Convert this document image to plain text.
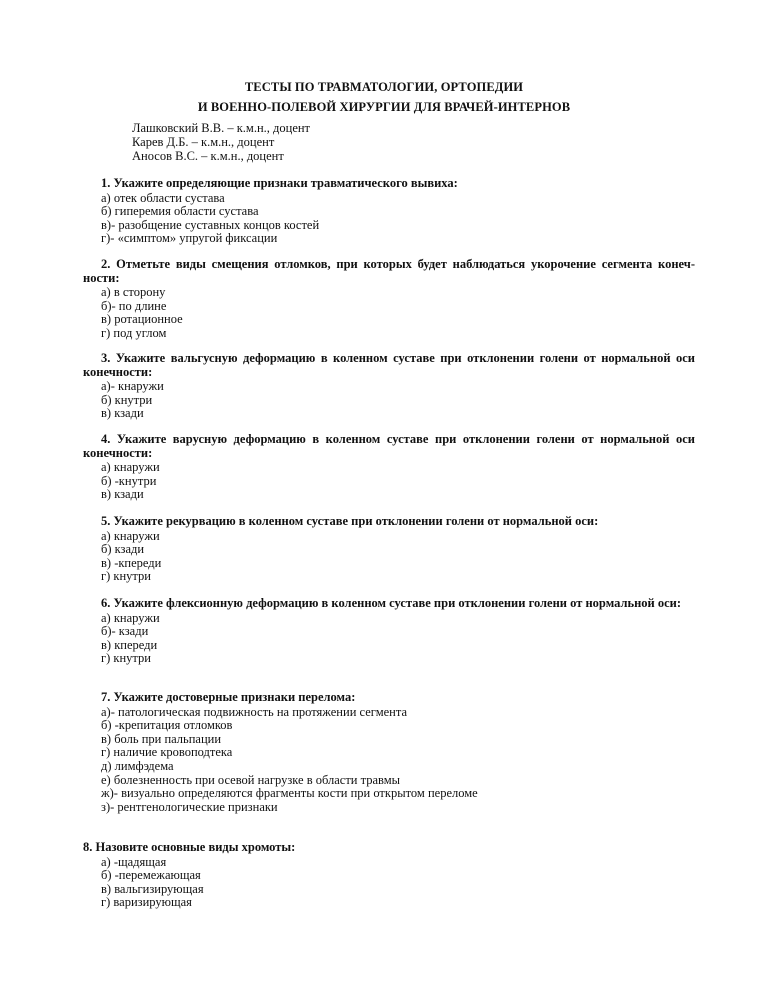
ТЕСТЫ ПО ТРАВМАТОЛОГИИ, ОРТОПЕДИИ
И ВОЕННО-ПОЛЕВОЙ ХИРУРГИИ ДЛЯ ВРАЧЕЙ-ИНТЕРНОВ
Лашковский В.В. – к.м.н., доцент
Карев Д.Б. – к.м.н., доцент
Аносов В.С. – к.м.н., доцент
1. Укажите определяющие признаки травматического вывиха:
а) отек области сустава
б) гиперемия области сустава
в)- разобщение суставных концов костей
г)- «симптом» упругой фиксации
2. Отметьте виды смещения отломков, при которых будет наблюдаться укорочение сегмента конеч-ности:
а) в сторону
б)- по длине
в) ротационное
г) под углом
3. Укажите вальгусную деформацию в коленном суставе при отклонении голени от нормальной оси конечности:
а)- кнаружи
б) кнутри
в) кзади
4. Укажите варусную деформацию в коленном суставе при отклонении голени от нормальной оси конечности:
а) кнаружи
б) -кнутри
в) кзади
5. Укажите рекурвацию в коленном суставе при отклонении голени от нормальной оси:
а) кнаружи
б) кзади
в) -кпереди
г) кнутри
6. Укажите флексионную деформацию в коленном суставе при отклонении голени от нормальной оси:
а) кнаружи
б)- кзади
в) кпереди
г) кнутри
7. Укажите достоверные признаки перелома:
а)- патологическая подвижность на протяжении сегмента
б) -крепитация отломков
в) боль при пальпации
г) наличие кровоподтека
д) лимфэдема
е) болезненность при осевой нагрузке в области травмы
ж)- визуально определяются фрагменты кости при открытом переломе
з)- рентгенологические признаки
8. Назовите основные виды хромоты:
а) -щадящая
б) -перемежающая
в) вальгизирующая
г) варизирующая
